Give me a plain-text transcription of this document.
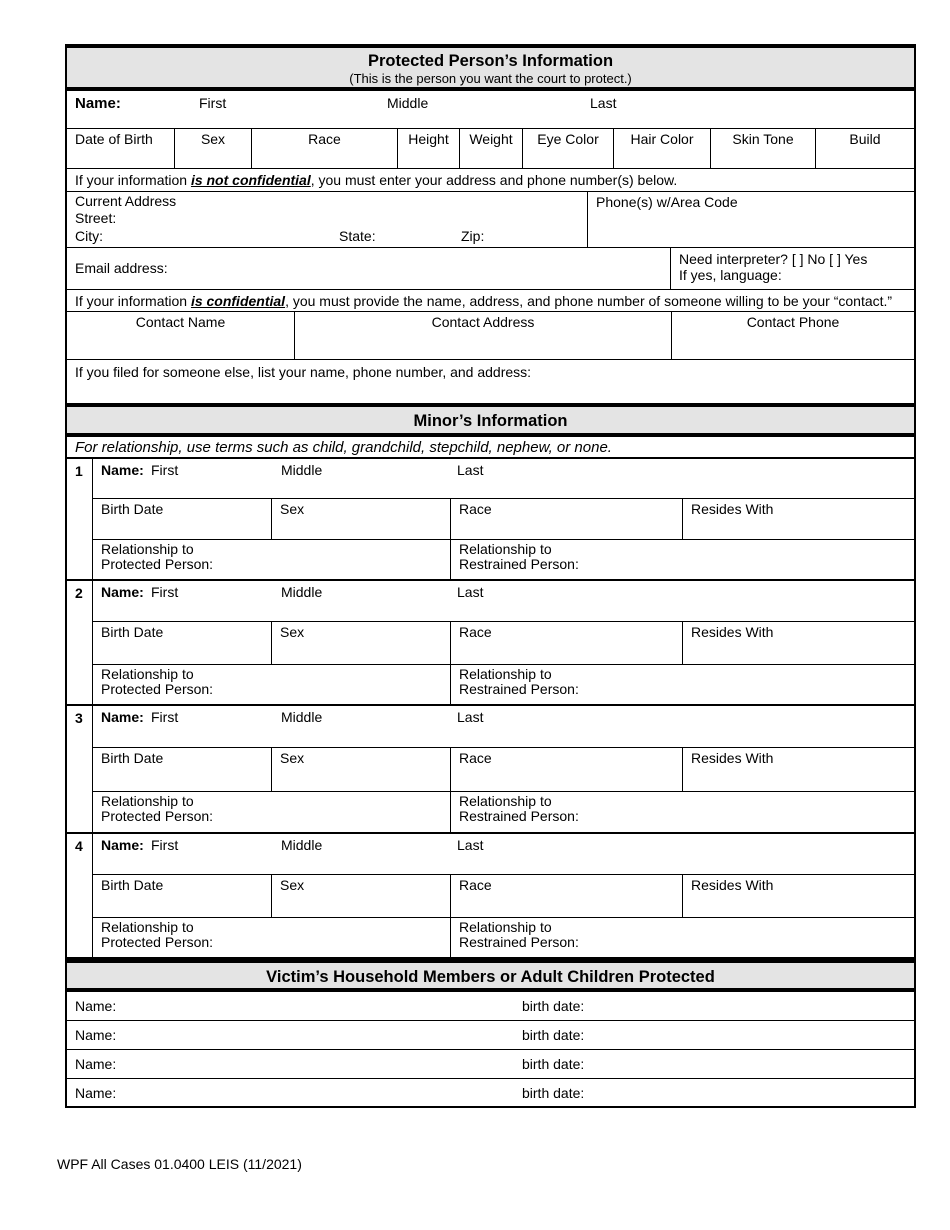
Protected Person’s Information
(This is the person you want the court to protect.)
Name:	First	Middle	Last
Date of Birth	Sex	Race	Height	Weight	Eye Color	Hair Color	Skin Tone	Build
If your information is not confidential, you must enter your address and phone number(s) below.
Current Address
Street:
City:	State:	Zip:
Phone(s) w/Area Code
Email address:
Need interpreter? [ ] No [ ] Yes
If yes, language:
If your information is confidential, you must provide the name, address, and phone number of someone willing to be your “contact.”
Contact Name	Contact Address	Contact Phone
If you filed for someone else, list your name, phone number, and address:
Minor’s Information
For relationship, use terms such as child, grandchild, stepchild, nephew, or none.
1	Name: First	Middle	Last
Birth Date	Sex	Race	Resides With
Relationship to
Protected Person:
Relationship to
Restrained Person:
2	Name: First	Middle	Last
Birth Date	Sex	Race	Resides With
Relationship to
Protected Person:
Relationship to
Restrained Person:
3	Name: First	Middle	Last
Birth Date	Sex	Race	Resides With
Relationship to
Protected Person:
Relationship to
Restrained Person:
4	Name: First	Middle	Last
Birth Date	Sex	Race	Resides With
Relationship to
Protected Person:
Relationship to
Restrained Person:
Victim’s Household Members or Adult Children Protected
Name:	birth date:
Name:	birth date:
Name:	birth date:
Name:	birth date:
WPF All Cases 01.0400 LEIS (11/2021)
